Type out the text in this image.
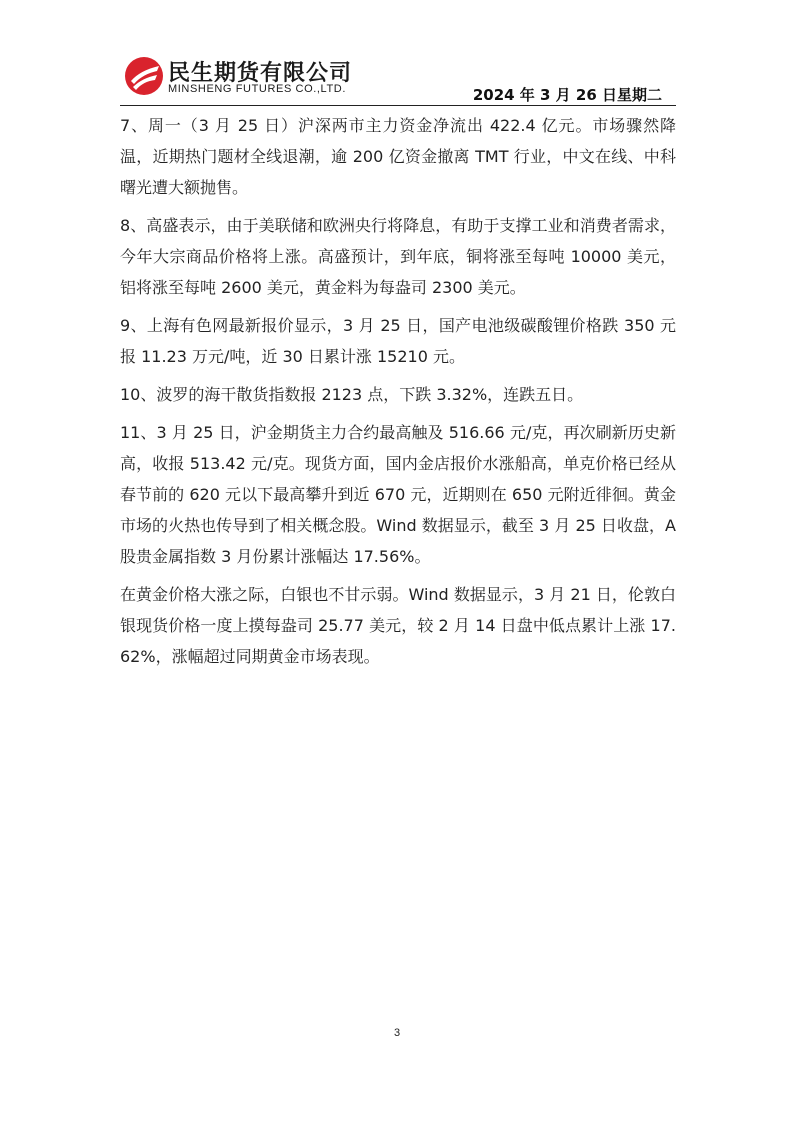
民生期货有限公司
MINSHENG FUTURES CO.,LTD.	2024 年 3 月 26 日星期二

7、周一（3 月 25 日）沪深两市主力资金净流出 422.4 亿元。市场骤然降温，近期热门题材全线退潮，逾 200 亿资金撤离 TMT 行业，中文在线、中科曙光遭大额抛售。

8、高盛表示，由于美联储和欧洲央行将降息，有助于支撑工业和消费者需求，今年大宗商品价格将上涨。高盛预计，到年底，铜将涨至每吨 10000 美元，铝将涨至每吨 2600 美元，黄金料为每盎司 2300 美元。

9、上海有色网最新报价显示，3 月 25 日，国产电池级碳酸锂价格跌 350 元报 11.23 万元/吨，近 30 日累计涨 15210 元。

10、波罗的海干散货指数报 2123 点，下跌 3.32%，连跌五日。

11、3 月 25 日，沪金期货主力合约最高触及 516.66 元/克，再次刷新历史新高，收报 513.42 元/克。现货方面，国内金店报价水涨船高，单克价格已经从春节前的 620 元以下最高攀升到近 670 元，近期则在 650 元附近徘徊。黄金市场的火热也传导到了相关概念股。Wind 数据显示，截至 3 月 25 日收盘，A 股贵金属指数 3 月份累计涨幅达 17.56%。

在黄金价格大涨之际，白银也不甘示弱。Wind 数据显示，3 月 21 日，伦敦白银现货价格一度上摸每盎司 25.77 美元，较 2 月 14 日盘中低点累计上涨 17.62%，涨幅超过同期黄金市场表现。

3
